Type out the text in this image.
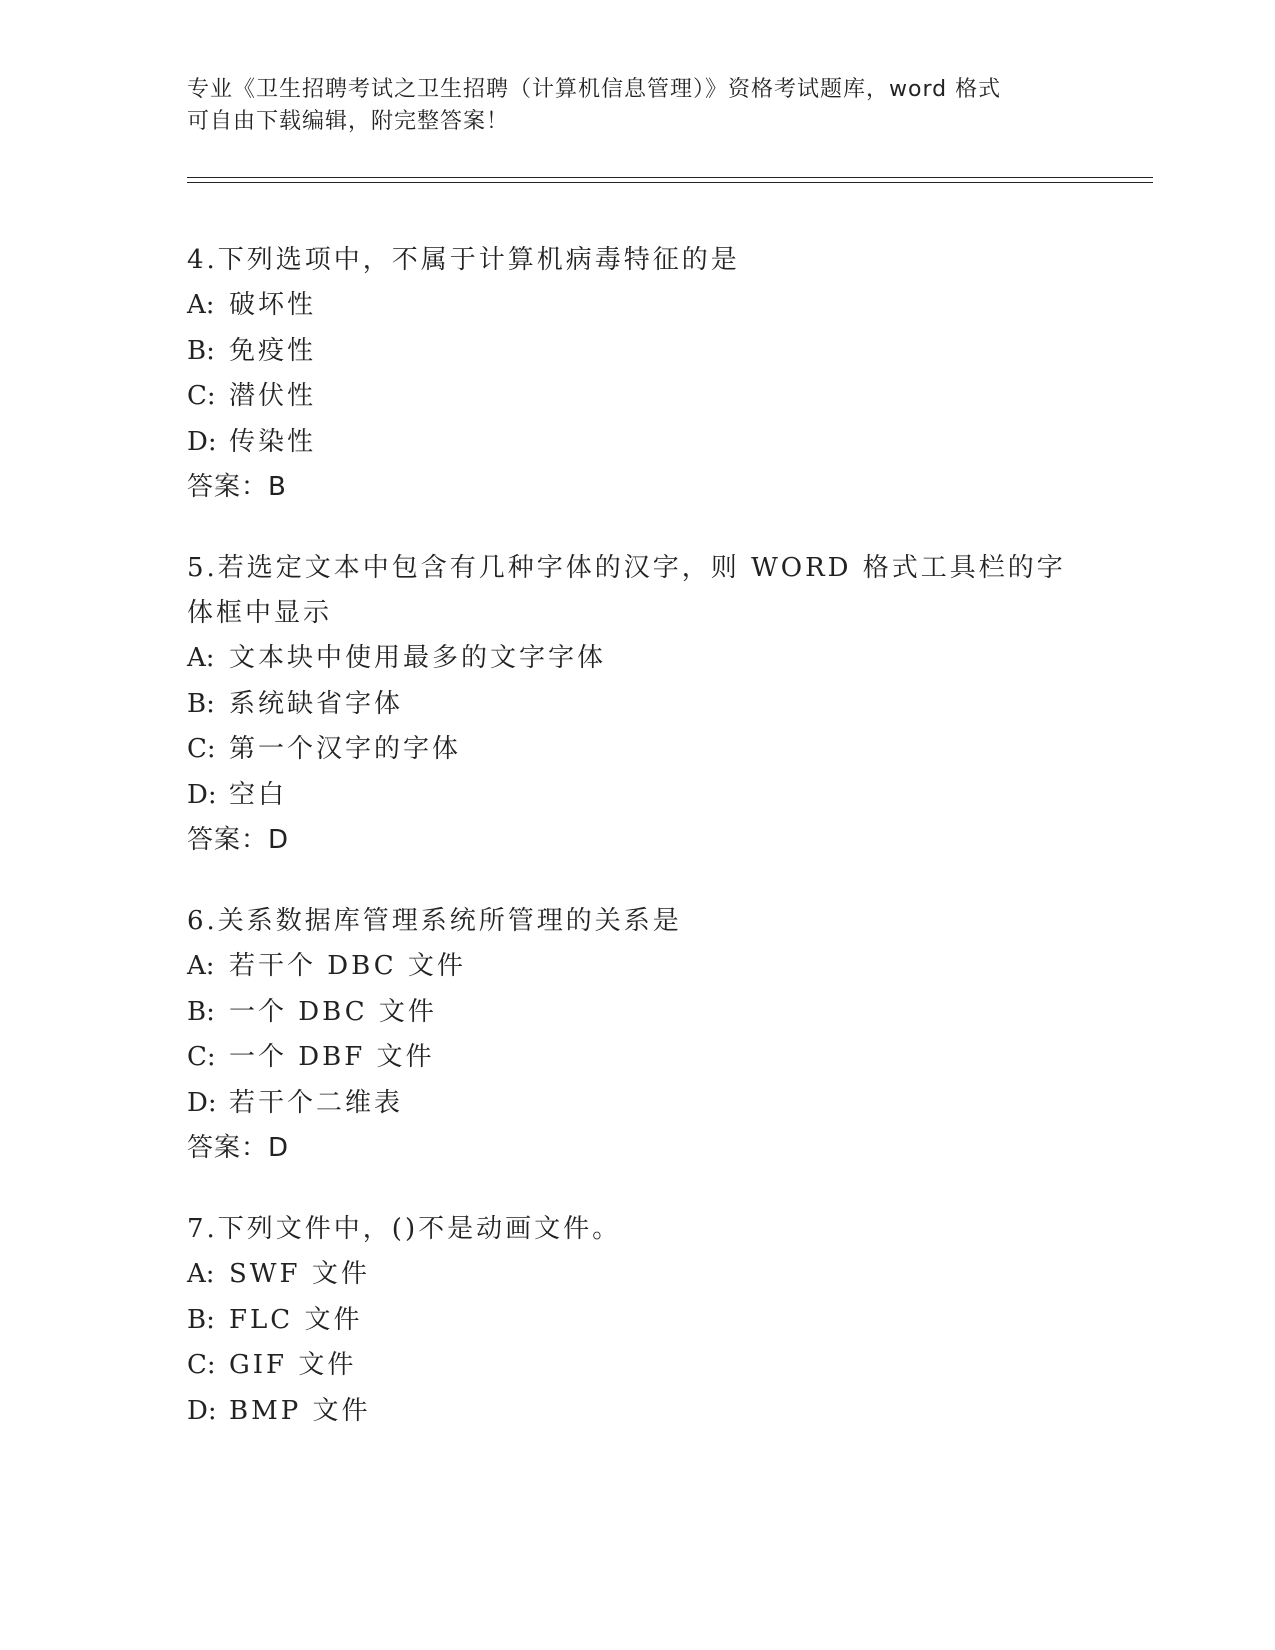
专业《卫生招聘考试之卫生招聘（计算机信息管理）》资格考试题库，word 格式
可自由下载编辑，附完整答案！

4.下列选项中，不属于计算机病毒特征的是

A: 破坏性

B: 免疫性

C: 潜伏性

D: 传染性

答案：B

5.若选定文本中包含有几种字体的汉字，则 WORD 格式工具栏的字体框中显示

A: 文本块中使用最多的文字字体

B: 系统缺省字体

C: 第一个汉字的字体

D: 空白

答案：D

6.关系数据库管理系统所管理的关系是

A: 若干个 DBC 文件

B: 一个 DBC 文件

C: 一个 DBF 文件

D: 若干个二维表

答案：D

7.下列文件中，()不是动画文件。

A: SWF 文件

B: FLC 文件

C: GIF 文件

D: BMP 文件
